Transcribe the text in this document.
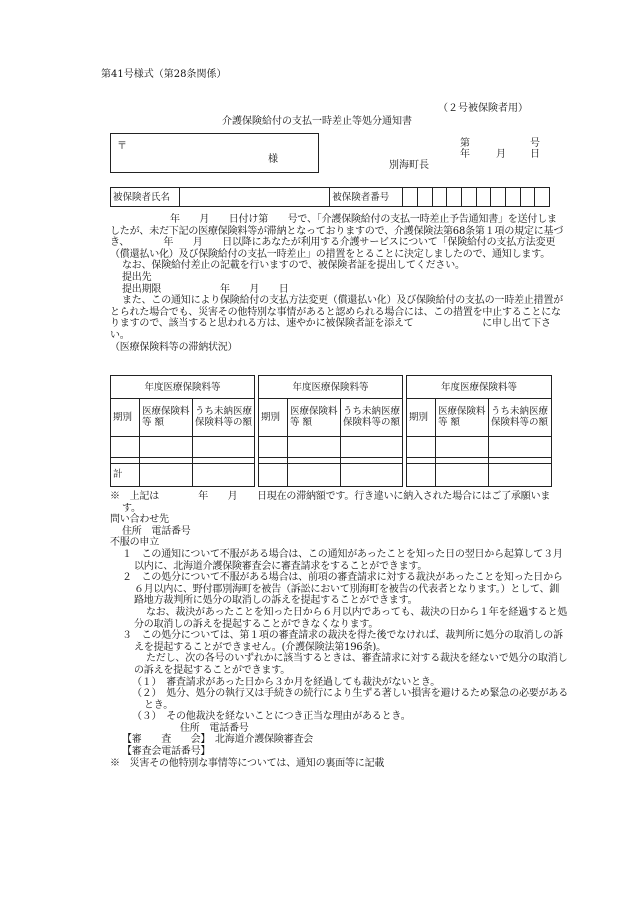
第41号様式（第28条関係）
（２号被保険者用）
介護保険給付の支払一時差止等処分通知書
〒
様
第	号
年	月 日
別海町長
被保険者氏名		被保険者番号										
年　　月　　日付け第　　号で、「介護保険給付の支払一時差止予告通知書」を送付しましたが、未だ下記の医療保険料等が滞納となっておりますので、介護保険法第68条第１項の規定に基づき、　　　　年　　月　　日以降にあなたが利用する介護サービスについて「保険給付の支払方法変更（償還払い化）及び保険給付の支払一時差止」の措置をとることに決定しましたので、通知します。
なお、保険給付差止の記載を行いますので、被保険者証を提出してください。
提出先
提出期限　　　　　　年　　月　　日
また、この通知により保険給付の支払方法変更（償還払い化）及び保険給付の支払の一時差止措置がとられた場合でも、災害その他特別な事情があると認められる場合には、この措置を中止することになりますので、該当すると思われる方は、速やかに被保険者証を添えて　　　　　　　に申し出て下さい。
（医療保険料等の滞納状況）
年度医療保険料等		
期別	医療保険料 等 額	うち未納医療保険料等の額

計		
年度医療保険料等		
期別	医療保険料 等 額	うち未納医療保険料等の額

年度医療保険料等		
期別	医療保険料 等 額	うち未納医療保険料等の額

※　上記は　　　　年　　月　　日現在の滞納額です。行き違いに納入された場合にはご了承願います。
問い合わせ先
住所　電話番号
不服の申立
１　この通知について不服がある場合は、この通知があったことを知った日の翌日から起算して３月以内に、北海道介護保険審査会に審査請求をすることができます。
２　この処分について不服がある場合は、前項の審査請求に対する裁決があったことを知った日から６月以内に、野付郡別海町を被告（訴訟において別海町を被告の代表者となります。）として、釧路地方裁判所に処分の取消しの訴えを提起することができます。
なお、裁決があったことを知った日から６月以内であっても、裁決の日から１年を経過すると処分の取消しの訴えを提起することができなくなります。
３　この処分については、第１項の審査請求の裁決を得た後でなければ、裁判所に処分の取消しの訴えを提起することができません。(介護保険法第196条)。
ただし、次の各号のいずれかに該当するときは、審査請求に対する裁決を経ないで処分の取消しの訴えを提起することができます。
（１）　審査請求があった日から３か月を経過しても裁決がないとき。
（２）　処分、処分の執行又は手続きの続行により生ずる著しい損害を避けるため緊急の必要があるとき。
（３）　その他裁決を経ないことにつき正当な理由があるとき。
住所　電話番号
【審　　査　　会】　北海道介護保険審査会
【審査会電話番号】
※　災害その他特別な事情等については、通知の裏面等に記載
